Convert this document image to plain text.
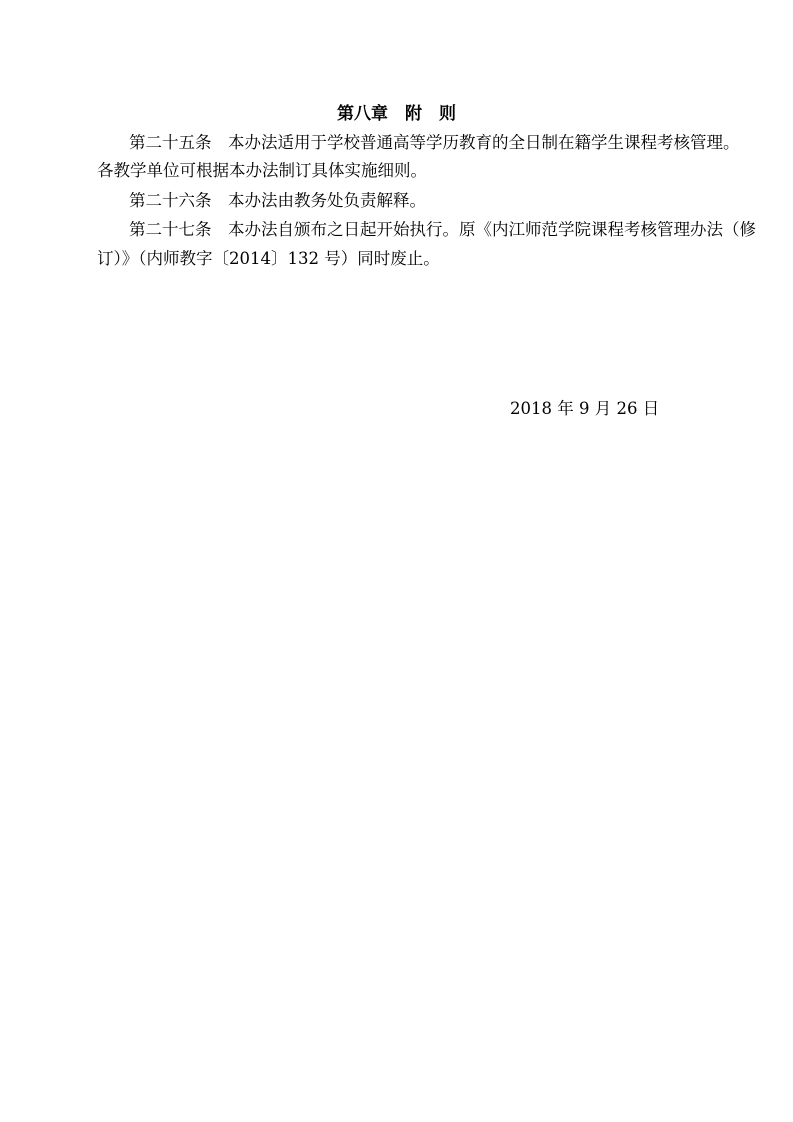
第八章　附　则
第二十五条　本办法适用于学校普通高等学历教育的全日制在籍学生课程考核管理。
各教学单位可根据本办法制订具体实施细则。
第二十六条　本办法由教务处负责解释。
第二十七条　本办法自颁布之日起开始执行。原《内江师范学院课程考核管理办法（修
订）》（内师教字〔2014〕132 号）同时废止。
2018 年 9 月 26 日
